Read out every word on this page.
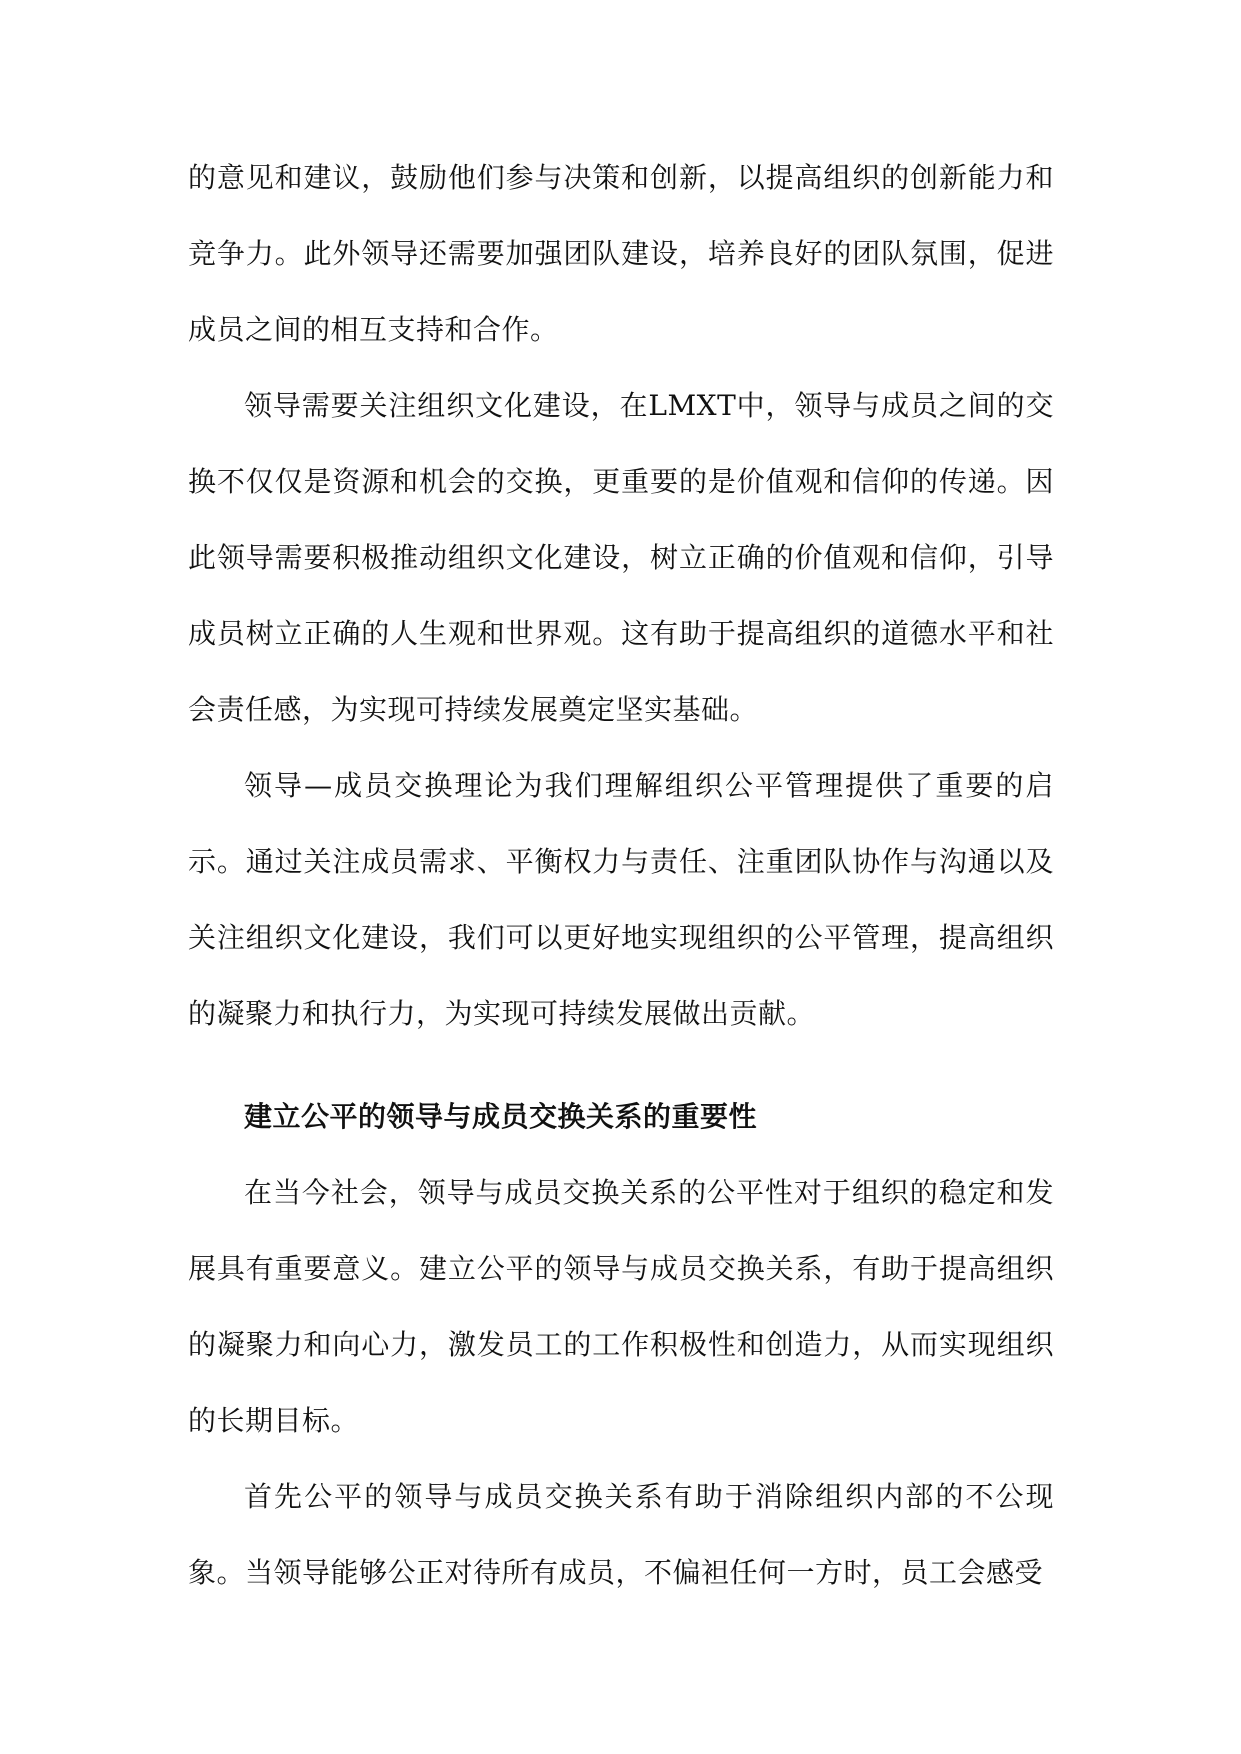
的意见和建议，鼓励他们参与决策和创新，以提高组织的创新能力和竞争力。此外领导还需要加强团队建设，培养良好的团队氛围，促进成员之间的相互支持和合作。

领导需要关注组织文化建设，在LMXT中，领导与成员之间的交换不仅仅是资源和机会的交换，更重要的是价值观和信仰的传递。因此领导需要积极推动组织文化建设，树立正确的价值观和信仰，引导成员树立正确的人生观和世界观。这有助于提高组织的道德水平和社会责任感，为实现可持续发展奠定坚实基础。

领导—成员交换理论为我们理解组织公平管理提供了重要的启示。通过关注成员需求、平衡权力与责任、注重团队协作与沟通以及关注组织文化建设，我们可以更好地实现组织的公平管理，提高组织的凝聚力和执行力，为实现可持续发展做出贡献。

建立公平的领导与成员交换关系的重要性

在当今社会，领导与成员交换关系的公平性对于组织的稳定和发展具有重要意义。建立公平的领导与成员交换关系，有助于提高组织的凝聚力和向心力，激发员工的工作积极性和创造力，从而实现组织的长期目标。

首先公平的领导与成员交换关系有助于消除组织内部的不公现象。当领导能够公正对待所有成员，不偏袒任何一方时，员工会感受
